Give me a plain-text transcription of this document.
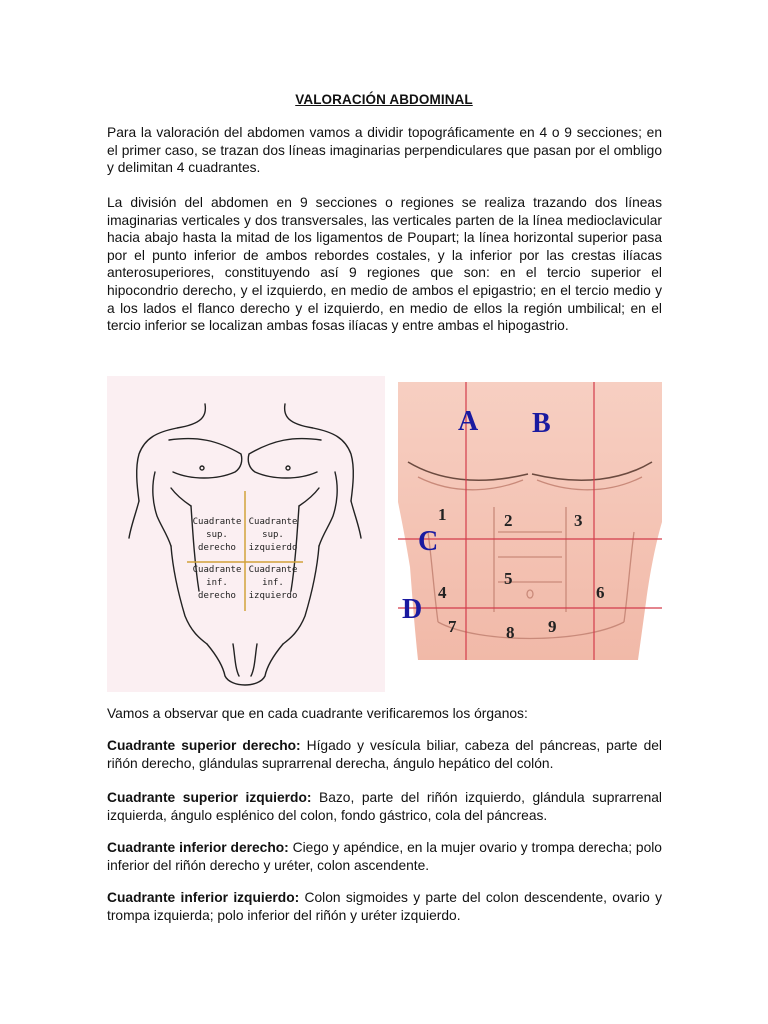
VALORACIÓN ABDOMINAL

Para la valoración del abdomen vamos a dividir topográficamente en 4 o 9 secciones; en el primer caso, se trazan dos líneas imaginarias perpendiculares que pasan por el ombligo y delimitan 4 cuadrantes.

La división del abdomen en 9 secciones o regiones se realiza trazando dos líneas imaginarias verticales y dos transversales, las verticales parten de la línea medioclavicular hacia abajo hasta la mitad de los ligamentos de Poupart; la línea horizontal superior pasa por el punto inferior de ambos rebordes costales, y la inferior por las crestas ilíacas anterosuperiores, constituyendo así 9 regiones que son: en el tercio superior el hipocondrio derecho, y el izquierdo, en medio de ambos el epigastrio; en el tercio medio y a los lados el flanco derecho y el izquierdo, en medio de ellos la región umbilical; en el tercio inferior se localizan ambas fosas ilíacas y entre ambas el hipogastrio.

Cuadrante
sup.
derecho
Cuadrante
sup.
izquierdo
Cuadrante
inf.
derecho
Cuadrante
inf.
izquierdo
A B
C
D
1	2	3
4
5
6
7	8 9

Vamos a observar que en cada cuadrante verificaremos los órganos:

Cuadrante superior derecho: Hígado y vesícula biliar, cabeza del páncreas, parte del riñón derecho, glándulas suprarrenal derecha, ángulo hepático del colón.

Cuadrante superior izquierdo: Bazo, parte del riñón izquierdo, glándula suprarrenal izquierda, ángulo esplénico del colon, fondo gástrico, cola del páncreas.

Cuadrante inferior derecho: Ciego y apéndice, en la mujer ovario y trompa derecha; polo inferior del riñón derecho y uréter, colon ascendente.

Cuadrante inferior izquierdo: Colon sigmoides y parte del colon descendente, ovario y trompa izquierda; polo inferior del riñón y uréter izquierdo.
